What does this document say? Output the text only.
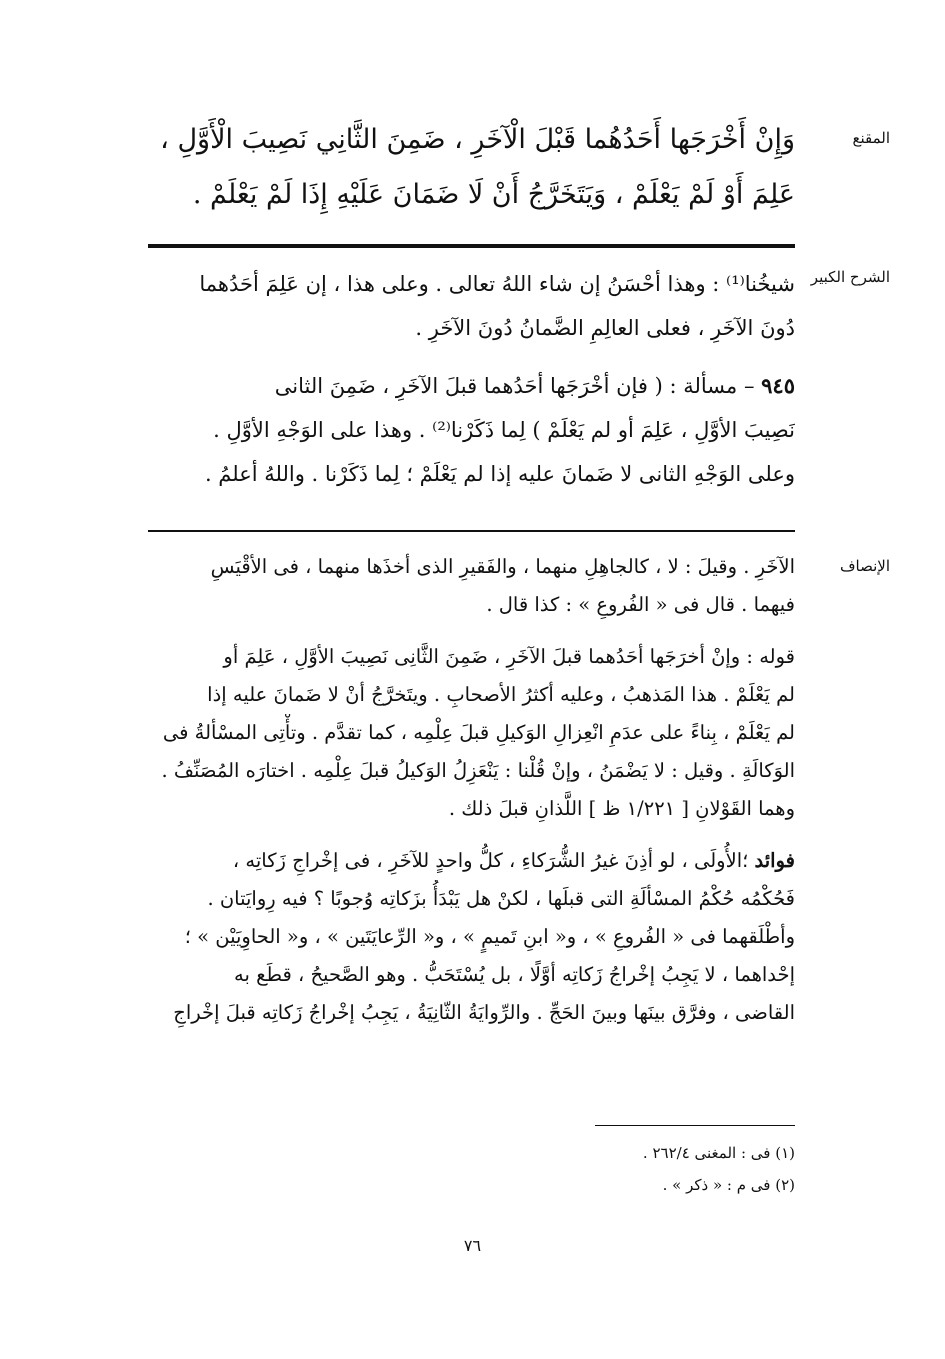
المقنع
وَإِنْ أَخْرَجَها أَحَدُهُما قَبْلَ الْآخَرِ ، ضَمِنَ الثَّانِي نَصِيبَ الْأَوَّلِ ،
عَلِمَ أَوْ لَمْ يَعْلَمْ ، وَيَتَخَرَّجُ أَنْ لَا ضَمَانَ عَلَيْهِ إِذَا لَمْ يَعْلَمْ .
الشرح الكبير
شيخُنا⁽¹⁾ : وهذا أحْسَنُ إن شاء اللهُ تعالى . وعلى هذا ، إن عَلِمَ أحَدُهما
دُونَ الآخَرِ ، فعلى العالِمِ الضَّمانُ دُونَ الآخَرِ .
٩٤٥ – مسألة : ( فإن أخْرَجَها أحَدُهما قبلَ الآخَرِ ، ضَمِنَ الثانى
نَصِيبَ الأوَّلِ ، عَلِمَ أو لم يَعْلَمْ ) لِما ذَكَرْنا⁽²⁾ . وهذا على الوَجْهِ الأوَّلِ .
وعلى الوَجْهِ الثانى لا ضَمانَ عليه إذا لم يَعْلَمْ ؛ لِما ذَكَرْنا . واللهُ أعلمُ .
الإنصاف
الآخَرِ . وقيلَ : لا ، كالجاهِلِ منهما ، والفَقيرِ الذى أخذَها منهما ، فى الأقْيَسِ
فيهما . قال فى « الفُروعِ » : كذا قال .
قوله : وإنْ أخرَجَها أحَدُهما قبلَ الآخَرِ ، ضَمِنَ الثَّانِى نَصِيبَ الأوَّلِ ، عَلِمَ أو
لم يَعْلَمْ . هذا المَذهبُ ، وعليه أكثرُ الأصحابِ . ويتَخرَّجُ أنْ لا ضَمانَ عليه إذا
لم يَعْلَمْ ، بِناءً على عدَمِ انْعِزالِ الوَكيلِ قبلَ عِلْمِه ، كما تقدَّم . وتأْتِى المسْألةُ فى
الوَكالَةِ . وقيل : لا يَضْمَنُ ، وإنْ قُلْنا : يَنْعَزِلُ الوَكيلُ قبلَ عِلْمِه . اختارَه المُصَنِّفُ .
وهما القَوْلانِ [ ١/٢٢١ ظ ] اللَّذانِ قبلَ ذلك .
فوائد ؛الأُولَى ، لو أذِنَ غيرُ الشُّرَكاءِ ، كلُّ واحدٍ للآخَرِ ، فى إخْراجِ زَكاتِه ،
فَحُكْمُه حُكْمُ المسْألَةِ التى قبلَها ، لكنْ هل يَبْدَأُ بزَكاتِه وُجوبًا ؟ فيه رِوايَتان .
وأطْلَقهما فى « الفُروعِ » ، و« ابنِ تَميمٍ » ، و« الرِّعايَتَين » ، و« الحاوِيَيْن » ؛
إحْداهما ، لا يَجِبُ إخْراجُ زَكاتِه أوَّلًا ، بل يُسْتَحَبُّ . وهو الصَّحيحُ ، قطَع به
القاضى ، وفرَّق بينَها وبينَ الحَجِّ . والرِّوايَةُ الثّانِيَةُ ، يَجِبُ إخْراجُ زَكاتِه قبلَ إخْراجِ
(١) فى : المغنى ٢٦٢/٤ .
(٢) فى م : « ذكر » .
٧٦
